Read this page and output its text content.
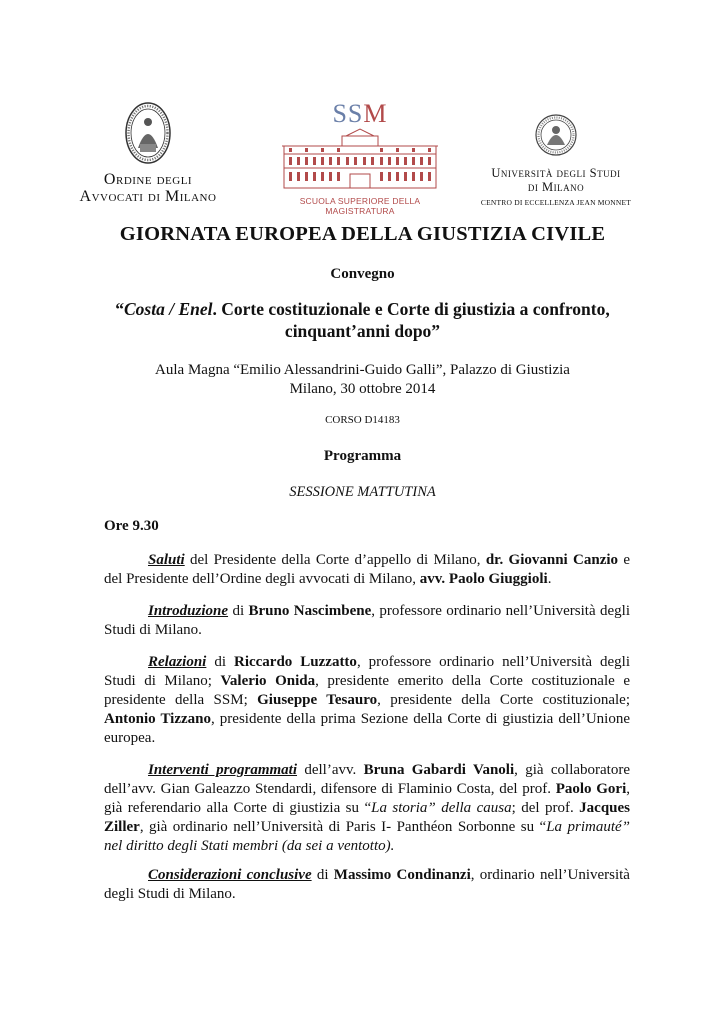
Ordine degli
Avvocati di Milano
SSM
SCUOLA SUPERIORE DELLA MAGISTRATURA
Università degli Studi
di Milano
CENTRO DI ECCELLENZA JEAN MONNET
GIORNATA EUROPEA DELLA GIUSTIZIA CIVILE
Convegno
“Costa / Enel. Corte costituzionale e Corte di giustizia a confronto,
cinquant’anni dopo”
Aula Magna “Emilio Alessandrini-Guido Galli”, Palazzo di Giustizia
Milano, 30 ottobre 2014
CORSO D14183
Programma
SESSIONE MATTUTINA
Ore 9.30
Saluti del Presidente della Corte d’appello di Milano, dr. Giovanni Canzio e del Presidente dell’Ordine degli avvocati di Milano, avv. Paolo Giuggioli.
Introduzione di Bruno Nascimbene, professore ordinario nell’Università degli Studi di Milano.
Relazioni di Riccardo Luzzatto, professore ordinario nell’Università degli Studi di Milano; Valerio Onida, presidente emerito della Corte costituzionale e presidente della SSM; Giuseppe Tesauro, presidente della Corte costituzionale; Antonio Tizzano, presidente della prima Sezione della Corte di giustizia dell’Unione europea.
Interventi programmati dell’avv. Bruna Gabardi Vanoli, già collaboratore dell’avv. Gian Galeazzo Stendardi, difensore di Flaminio Costa, del prof. Paolo Gori, già referendario alla Corte di giustizia su “La storia” della causa; del prof. Jacques Ziller, già ordinario nell’Università di Paris I- Panthéon Sorbonne su “La primauté” nel diritto degli Stati membri (da sei a ventotto).
Considerazioni conclusive di Massimo Condinanzi, ordinario nell’Università degli Studi di Milano.
